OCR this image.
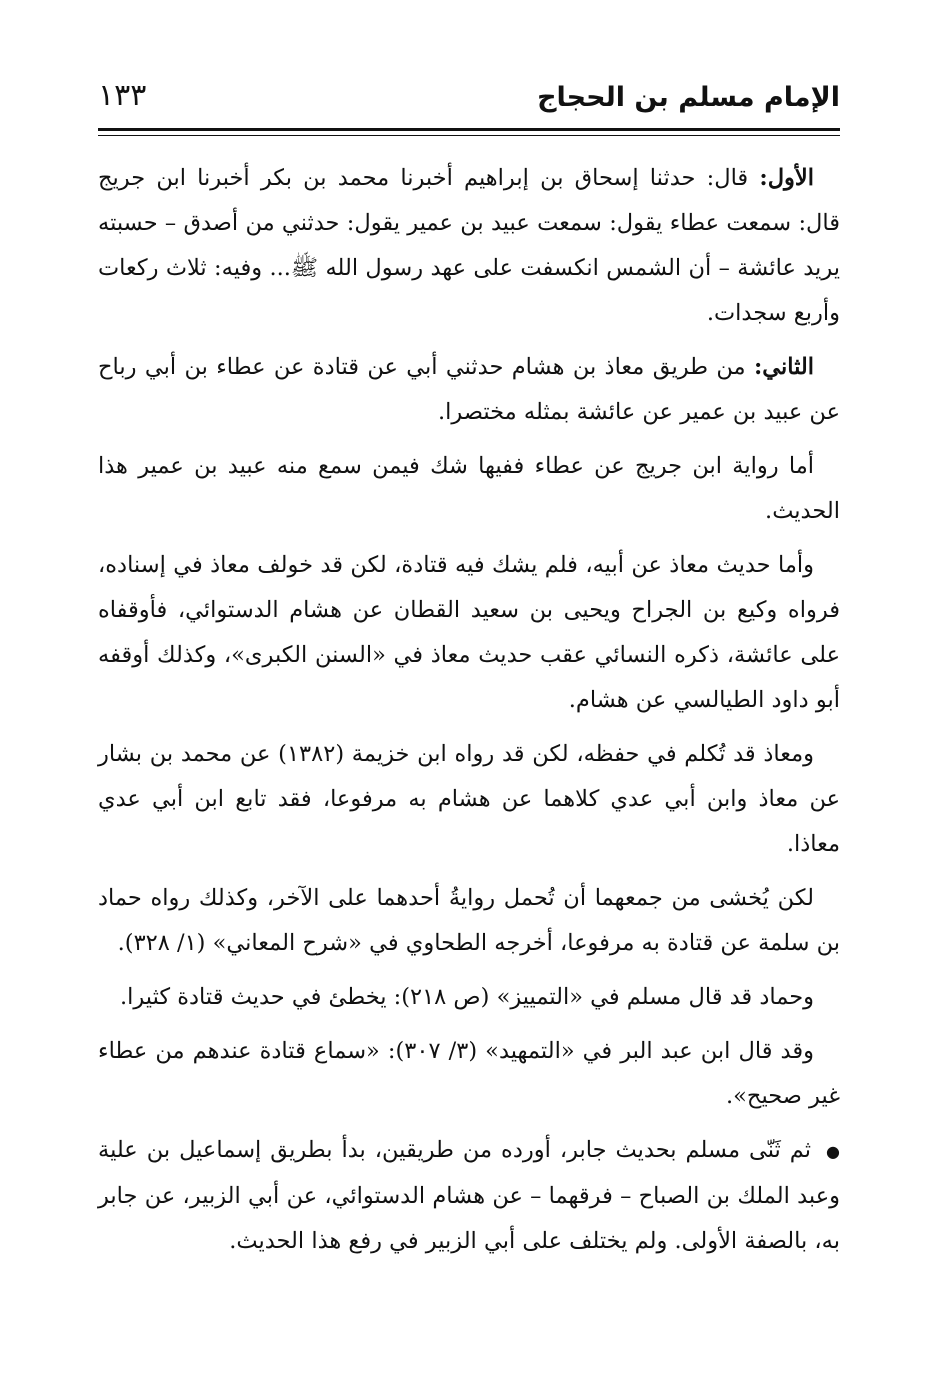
الإمام مسلم بن الحجاج
١٣٣

الأول: قال: حدثنا إسحاق بن إبراهيم أخبرنا محمد بن بكر أخبرنا ابن جريج قال: سمعت عطاء يقول: سمعت عبيد بن عمير يقول: حدثني من أصدق – حسبته يريد عائشة – أن الشمس انكسفت على عهد رسول الله ﷺ... وفيه: ثلاث ركعات وأربع سجدات.

الثاني: من طريق معاذ بن هشام حدثني أبي عن قتادة عن عطاء بن أبي رباح عن عبيد بن عمير عن عائشة بمثله مختصرا.

أما رواية ابن جريج عن عطاء ففيها شك فيمن سمع منه عبيد بن عمير هذا الحديث.

وأما حديث معاذ عن أبيه، فلم يشك فيه قتادة، لكن قد خولف معاذ في إسناده، فرواه وكيع بن الجراح ويحيى بن سعيد القطان عن هشام الدستوائي، فأوقفاه على عائشة، ذكره النسائي عقب حديث معاذ في «السنن الكبرى»، وكذلك أوقفه أبو داود الطيالسي عن هشام.

ومعاذ قد تُكلم في حفظه، لكن قد رواه ابن خزيمة (١٣٨٢) عن محمد بن بشار عن معاذ وابن أبي عدي كلاهما عن هشام به مرفوعا، فقد تابع ابن أبي عدي معاذا.

لكن يُخشى من جمعهما أن تُحمل روايةُ أحدهما على الآخر، وكذلك رواه حماد بن سلمة عن قتادة به مرفوعا، أخرجه الطحاوي في «شرح المعاني» (١/ ٣٢٨).

وحماد قد قال مسلم في «التمييز» (ص ٢١٨): يخطئ في حديث قتادة كثيرا.

وقد قال ابن عبد البر في «التمهيد» (٣/ ٣٠٧): «سماع قتادة عندهم من عطاء غير صحيح».

● ثم ثَنّى مسلم بحديث جابر، أورده من طريقين، بدأ بطريق إسماعيل بن علية وعبد الملك بن الصباح – فرقهما – عن هشام الدستوائي، عن أبي الزبير، عن جابر به، بالصفة الأولى. ولم يختلف على أبي الزبير في رفع هذا الحديث.
